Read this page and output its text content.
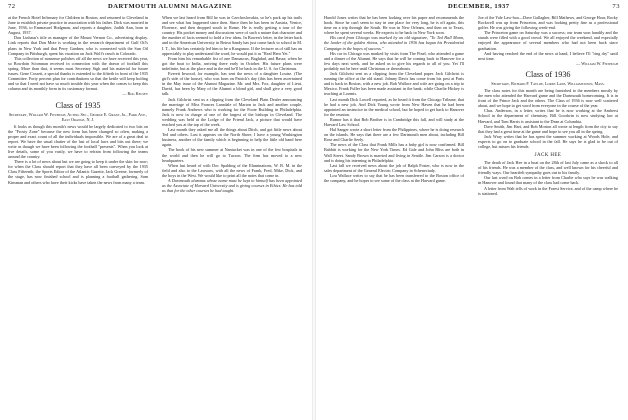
72	DARTMOUTH ALUMNI MAGAZINE

at the French Hotel Infirmary for Children in Boston, and returned to Cleveland in June to establish private practice in association with his father. Dick was married in June, 1936, to Emmasuel Hodgman, and reports a daughter, Judith Ann, born in August, 1937.

Don Linhaus's title as manager of the Mount Vernon Co., advertising display. Link reports that Don Mote is working in the research department of Gulf Oil's plans in New York and that Perry Gardner, who is connected with the Sun Oil Company in Pittsburgh, spent his vacation on Jack Wolf's ranch in Colorado.

This collection of nonsense polishes off all the news we have received this year, so Bowdoin Sciomnan received in connection with the drawn of football this spring. More than that, it seems most Secretary Sigh and his material for future issues. Gene Cossett, a special thanks is extended to the fiftieth in front of the 1935 Committee. Forty percent plan for contributions so that the kettle will keep boiling and so that I need not have so much trouble this year when the comes to keep this column and its monthly form in its customary format.

— Rog Kelsey

Class of 1935
Secretary, William W. Fitzhugh, Acting Sec., George E. Grant, Jr., Park Ave., East Orange, N. J.

It looks as though this month's news would be largely dedicated to two bits on the "Frosty Zone" because the new form has been changed so often, making a proper and exact count of all the individuals impossible. We are of a great deal to report. We have the usual chatter of the last of local laws and bits out there; we write as though we have been following the football "presents". When you look at live details, some of you vastly, we have to refrain from following the teams around the country.

There is a lot of news about but we are going to keep it under the skin for now; for when the Class should report that they have all been conveyed by the 1935 Class Fifteenth, the Sports Editor of the Atlantic Gazette, Jack Greene, formerly of the stage, has now finished school and is planning a football gathering. Sam Kinsman and others who have their kicks have taken the news from many a team.

When we last heard from Bill he was in Czechoslovakia, so he's pack up his trails and see what has happened since then. Since then he has been in Austria, Venice, Florence, and then dropped south to Rome. He is really getting a tour of the country. His pocket money and discussions were of such a nature that character and the number of facts seemed to hold a few ideas. In Bowen's letter, in the letter back and in the American University in Beirut Sandy has just come back to school in M. I. T., his life has certainly led him to be a Kanganoo. If the lecturer as of still has an appreciably to play understand the word, he would put it as "Real Hero Yet."

From him his remarkable fist of one Damascus, Baghdad, and Basra; when he got the boat to India, arriving there early in October. His future plans were indefinite, but at the place and in the end he'll be back in the U. S. for Christmas.

Everett Inwood, for example, has sent the news of a daughter Louise. (The girl's side of the house), who was born on Patrick's day (this has been ascertained in the May issue of the Alumni Magazine. Mr. and Mrs. Fox, daughter of Lieut. David, has been by Mary of the Alumni a blond girl, and shall give a very good talk.

Jack Gilchrist sent us a clipping from the Cleveland Plain Dealer announcing the marriage of Miss Frances Lansdale of Marion to Jack and another couple, namely Frank Andrews who is working for the Foote Building in Philadelphia. Jack is now in charge of one of the largest of the bishops in Cleveland. The wedding was held at the Lodge of the Friend Jack, a picture that would have reached you at the top of the week.

Last month they asked me all the things about Ditch, and got little news about Ted and others. Last it appears on the North Shore, I have a young Washington business, another of the family which is beginning to help the little old band here again.

The book of his new summer at Nantucket was in one of the few hospitals in the world and then he will go to Tucson. The firm has moved to a new headquarters.

When last heard of with Doc Spalding of the Illuminations, W. B. M. in the field and also to the Lawsons, with all the news of Frank, Fred, Mike, Dick, and the boys in the West. We would like to print all the notes that come in.

A Dartmouth alumnus whose name must be kept to himself has been appointed as the Associate of Harvard University and is giving courses in Ethics. He has told us that for the other courses he had taught.

DECEMBER, 1937	73

Harold Jones writes that he has been looking over his paper and recommends the book. Since he can't seem to stay in one place for very long, he is off again, this time on a trip through the South. He was in New Orleans, and then on to Texas, where he spent several weeks. He expects to be back in New York soon.

His card from Chicago was marked by an old signature, "To Ted Hall Mann, the leader of the golden rhinos, who attended in 1936 has begun his Presidential Campaign in the hopes of success."

His car in Chicago was marked by visits from The Pinel, who attended a game and a dinner of the Alumni. He says that he will be coming back to Hanover for a few days next week, and he asked us to give his regards to all of you. Yet I'll probably not be here until Christmas or thereabouts.

Jack Gilchrist sent us a clipping from the Cleveland paper. Jack Gilchrist is running the office at the old stand. Johnny Davis has come from his post at Paris and is back in Boston, with a new job. Bob Wallace and wife are going on a trip to Mexico. Frank Fuller has been made assistant in the bank, while Charlie Hickey is teaching at Loomis.

Last month Dick Lowell reported, as he heard it from the Chicago Tribune, that he had a new job. And Dick Young wrote from New Haven that he had been appointed an instructor in the medical school, but he hoped to get back to Hanover for the reunion.

Rumor has it that Bob Brother is in Cambridge this fall, and will study at the Harvard Law School.

Hal Sanger wrote a short letter from the Philippines, where he is doing research on the islands. He says that there are a few Dartmouth men about, including Bill Rose and Charlie Seely.

The news of the Class that Frank Mills has a baby girl is now confirmed. Bill Babbitt is working for the New York Times. Ed Gale and John Bliss are both in Wall Street. Sandy Brown is married and living in Seattle. Jim Carson is a doctor and is doing his interning in Philadelphia.

Last fall we received news about the job of Ralph Foster, who is now in the sales department of the General Electric Company in Schenectady.

Lou Wallace writes to say that he has been transferred to the Boston office of the company, and he hopes to see some of the class at the Harvard game.

Joe of the Yale Law-hoo—Dave Gallagher, Bill Mathews, and George Hoar, Rocky Rockwell was up from Princeton, and was looking pretty fine as a professional golfer. He was giving the following week-end.

The Princeton game on Saturday was a success; our team won handily and the stands were filled with a good crowd. We all enjoyed the weekend, and especially enjoyed the appearance of several members who had not been back since graduation.

And having reached the end of the news at hand, I believe I'll "ring dry" until next time.

— William W. Fitzhugh

Class of 1936
Secretary, Richard F. Tayloe, Lords Lane, Williamstown, Mass.

The class notes for this month are being furnished to the members mostly by the men who attended the Harvard game and the Dartmouth homecoming. It is in front of the Prince Jack and the others. The Class of 1936 is now well scattered about, and we hope to get word from everyone in the course of the year.

Chas. Anderson, in a letter, writes that he is now working at the Amherst School in the department of chemistry. Bill Goodwin is now studying law at Harvard, and Tom Harris is assistant to the Dean at Columbia.

Dave Smith, Jim Hart, and Bob Morton all wrote at length from the city to say that they had a great time at the game and hope to see you all in the spring.

Jack Wray writes that he has spent the summer working at Woods Hole, and expects to go on to graduate school in the fall. He says he is glad to be out of college, but misses his friends.

JACK HEE

The death of Jack Hee in a boat on the 28th of last July came as a shock to all of his friends. He was a member of the class, and well known for his cheerful and friendly ways. Our heartfelt sympathy goes out to his family.

Our last word on Bob comes in a letter from Charlie who says he was walking in Hanover and found that many of the class had come back.

A letter from Walt tells of work in the Forest Service, and of the camp where he is stationed.
